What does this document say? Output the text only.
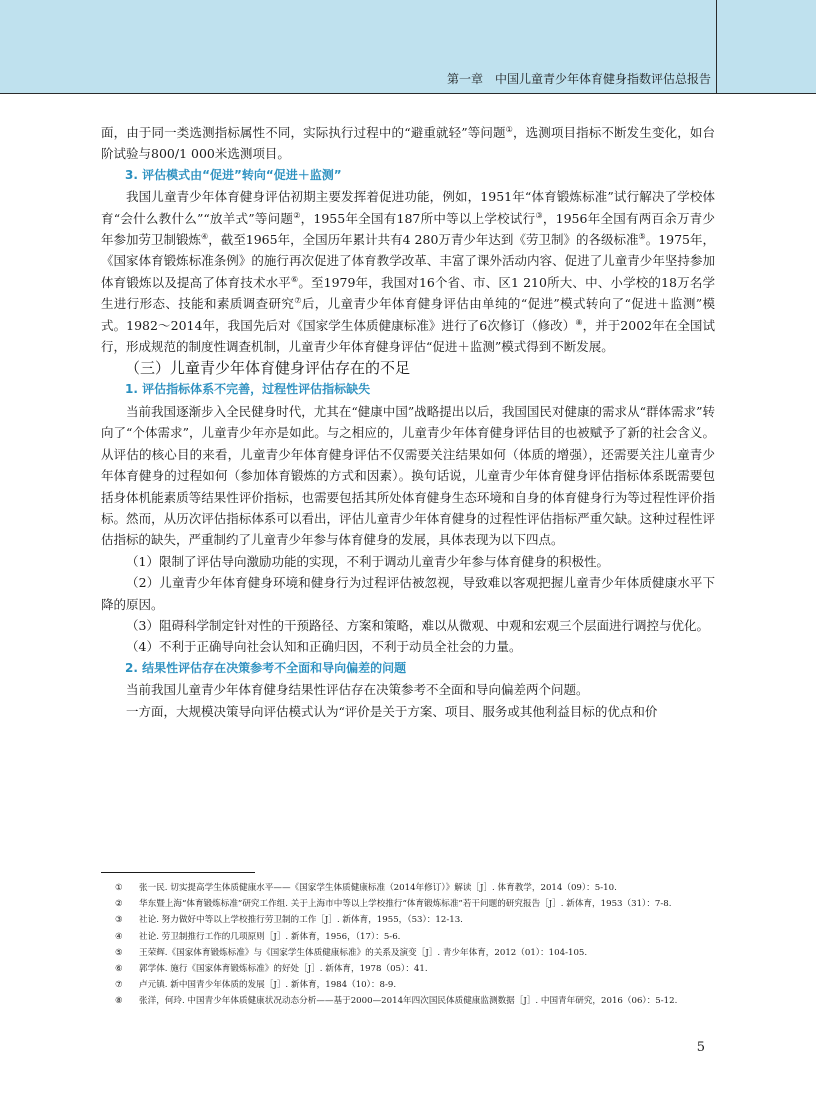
第一章　中国儿童青少年体育健身指数评估总报告

面，由于同一类选测指标属性不同，实际执行过程中的“避重就轻”等问题①，选测项目指标不断发生变化，如台阶试验与800/1 000米选测项目。

3. 评估模式由“促进”转向“促进＋监测”

我国儿童青少年体育健身评估初期主要发挥着促进功能，例如，1951年“体育锻炼标准”试行解决了学校体育“会什么教什么”“放羊式”等问题②，1955年全国有187所中等以上学校试行③，1956年全国有两百余万青少年参加劳卫制锻炼④，截至1965年，全国历年累计共有4 280万青少年达到《劳卫制》的各级标准⑤。1975年，《国家体育锻炼标准条例》的施行再次促进了体育教学改革、丰富了课外活动内容、促进了儿童青少年坚持参加体育锻炼以及提高了体育技术水平⑥。至1979年，我国对16个省、市、区1 210所大、中、小学校的18万名学生进行形态、技能和素质调查研究⑦后，儿童青少年体育健身评估由单纯的“促进”模式转向了“促进＋监测”模式。1982～2014年，我国先后对《国家学生体质健康标准》进行了6次修订（修改）⑧，并于2002年在全国试行，形成规范的制度性调查机制，儿童青少年体育健身评估“促进＋监测”模式得到不断发展。

（三）儿童青少年体育健身评估存在的不足

1. 评估指标体系不完善，过程性评估指标缺失

当前我国逐渐步入全民健身时代，尤其在“健康中国”战略提出以后，我国国民对健康的需求从“群体需求”转向了“个体需求”，儿童青少年亦是如此。与之相应的，儿童青少年体育健身评估目的也被赋予了新的社会含义。从评估的核心目的来看，儿童青少年体育健身评估不仅需要关注结果如何（体质的增强），还需要关注儿童青少年体育健身的过程如何（参加体育锻炼的方式和因素）。换句话说，儿童青少年体育健身评估指标体系既需要包括身体机能素质等结果性评价指标，也需要包括其所处体育健身生态环境和自身的体育健身行为等过程性评价指标。然而，从历次评估指标体系可以看出，评估儿童青少年体育健身的过程性评估指标严重欠缺。这种过程性评估指标的缺失，严重制约了儿童青少年参与体育健身的发展，具体表现为以下四点。

（1）限制了评估导向激励功能的实现，不利于调动儿童青少年参与体育健身的积极性。

（2）儿童青少年体育健身环境和健身行为过程评估被忽视，导致难以客观把握儿童青少年体质健康水平下降的原因。

（3）阻碍科学制定针对性的干预路径、方案和策略，难以从微观、中观和宏观三个层面进行调控与优化。

（4）不利于正确导向社会认知和正确归因，不利于动员全社会的力量。

2. 结果性评估存在决策参考不全面和导向偏差的问题

当前我国儿童青少年体育健身结果性评估存在决策参考不全面和导向偏差两个问题。

一方面，大规模决策导向评估模式认为“评价是关于方案、项目、服务或其他利益目标的优点和价

① 张一民. 切实提高学生体质健康水平——《国家学生体质健康标准（2014年修订）》解读［J］. 体育教学，2014（09）：5-10.

② 华东暨上海“体育锻炼标准”研究工作组. 关于上海市中等以上学校推行“体育锻炼标准”若干问题的研究报告［J］. 新体育，1953（31）：7-8.

③ 社论. 努力做好中等以上学校推行劳卫制的工作［J］. 新体育，1955，（53）：12-13.

④ 社论. 劳卫制推行工作的几项原则［J］. 新体育，1956，（17）：5-6.

⑤ 王荣辉.《国家体育锻炼标准》与《国家学生体质健康标准》的关系及演变［J］. 青少年体育，2012（01）：104-105.

⑥ 郭学体. 施行《国家体育锻炼标准》的好处［J］. 新体育，1978（05）：41.

⑦ 卢元镇. 新中国青少年体质的发展［J］. 新体育，1984（10）：8-9.

⑧ 张洋，何玲. 中国青少年体质健康状况动态分析——基于2000—2014年四次国民体质健康监测数据［J］. 中国青年研究，2016（06）：5-12.

5
